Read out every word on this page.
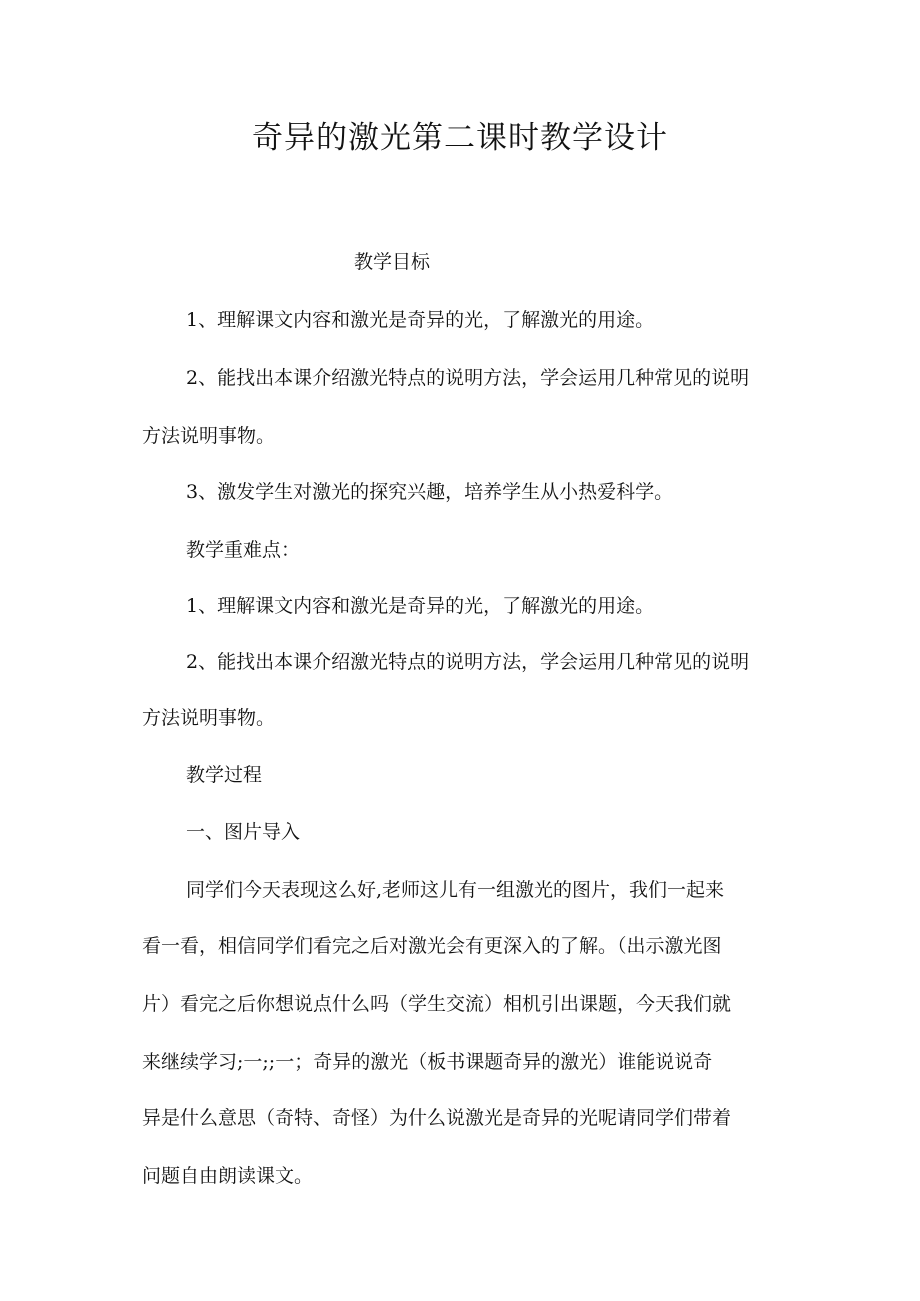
奇异的激光第二课时教学设计
教学目标
1、理解课文内容和激光是奇异的光，了解激光的用途。
2、能找出本课介绍激光特点的说明方法，学会运用几种常见的说明
方法说明事物。
3、激发学生对激光的探究兴趣，培养学生从小热爱科学。
教学重难点：
1、理解课文内容和激光是奇异的光，了解激光的用途。
2、能找出本课介绍激光特点的说明方法，学会运用几种常见的说明
方法说明事物。
教学过程
一、图片导入
同学们今天表现这么好,老师这儿有一组激光的图片，我们一起来
看一看，相信同学们看完之后对激光会有更深入的了解。（出示激光图
片）看完之后你想说点什么吗（学生交流）相机引出课题，今天我们就
来继续学习;一;;一；奇异的激光（板书课题奇异的激光）谁能说说奇
异是什么意思（奇特、奇怪）为什么说激光是奇异的光呢请同学们带着
问题自由朗读课文。
